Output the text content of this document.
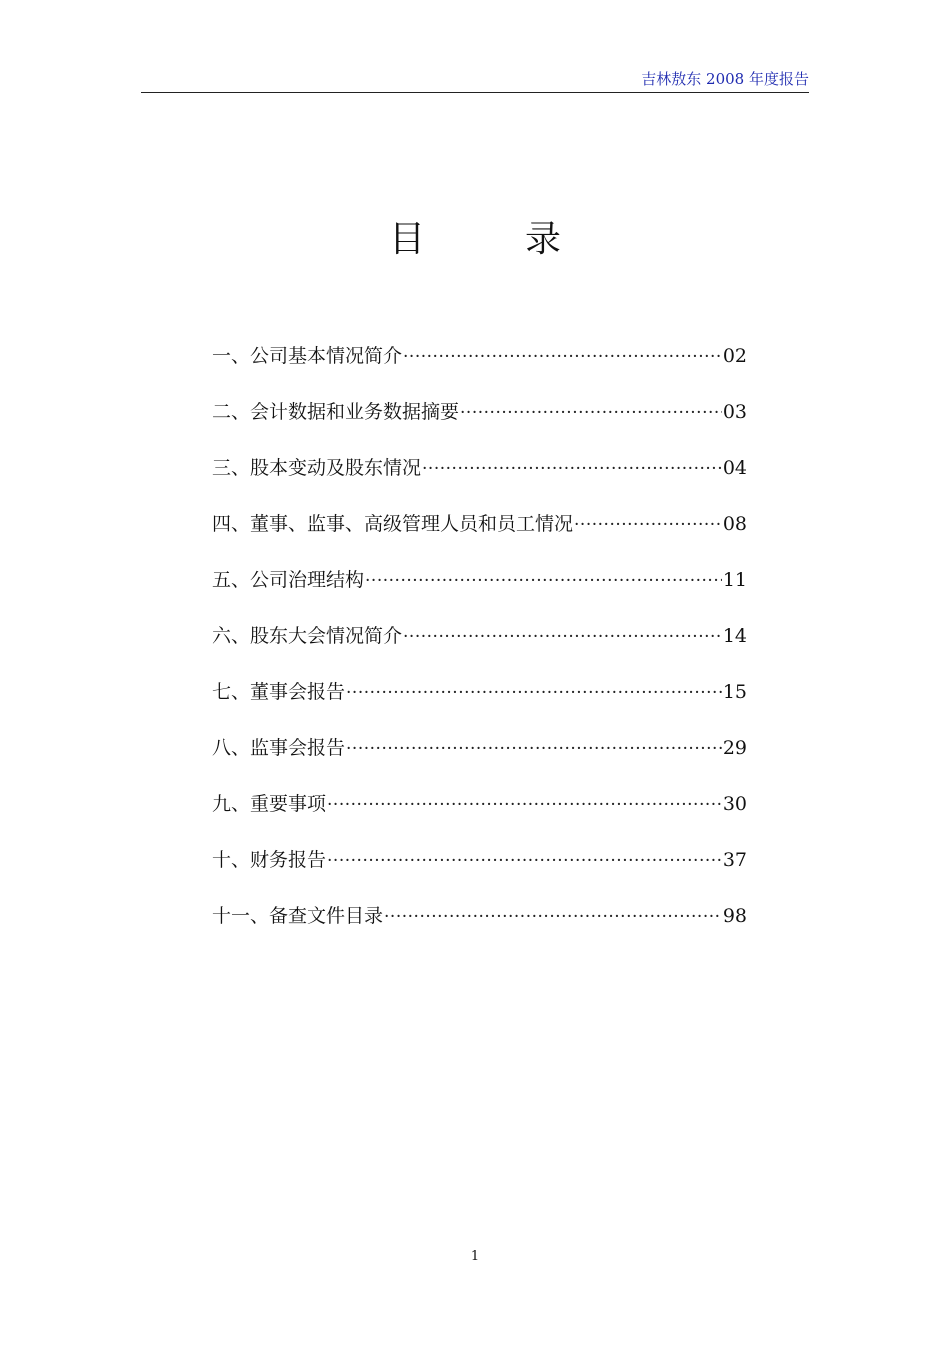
吉林敖东 2008 年度报告
目	录
一、公司基本情况简介 ·····	02
二、会计数据和业务数据摘要 ·····	03
三、股本变动及股东情况 ·····	04
四、董事、监事、高级管理人员和员工情况 ·····	08
五、公司治理结构 ·····	11
六、股东大会情况简介 ·····	14
七、董事会报告 ·····	15
八、监事会报告 ·····	29
九、重要事项 ·····	30
十、财务报告 ·····	37
十一、备查文件目录 ·····	98
1
